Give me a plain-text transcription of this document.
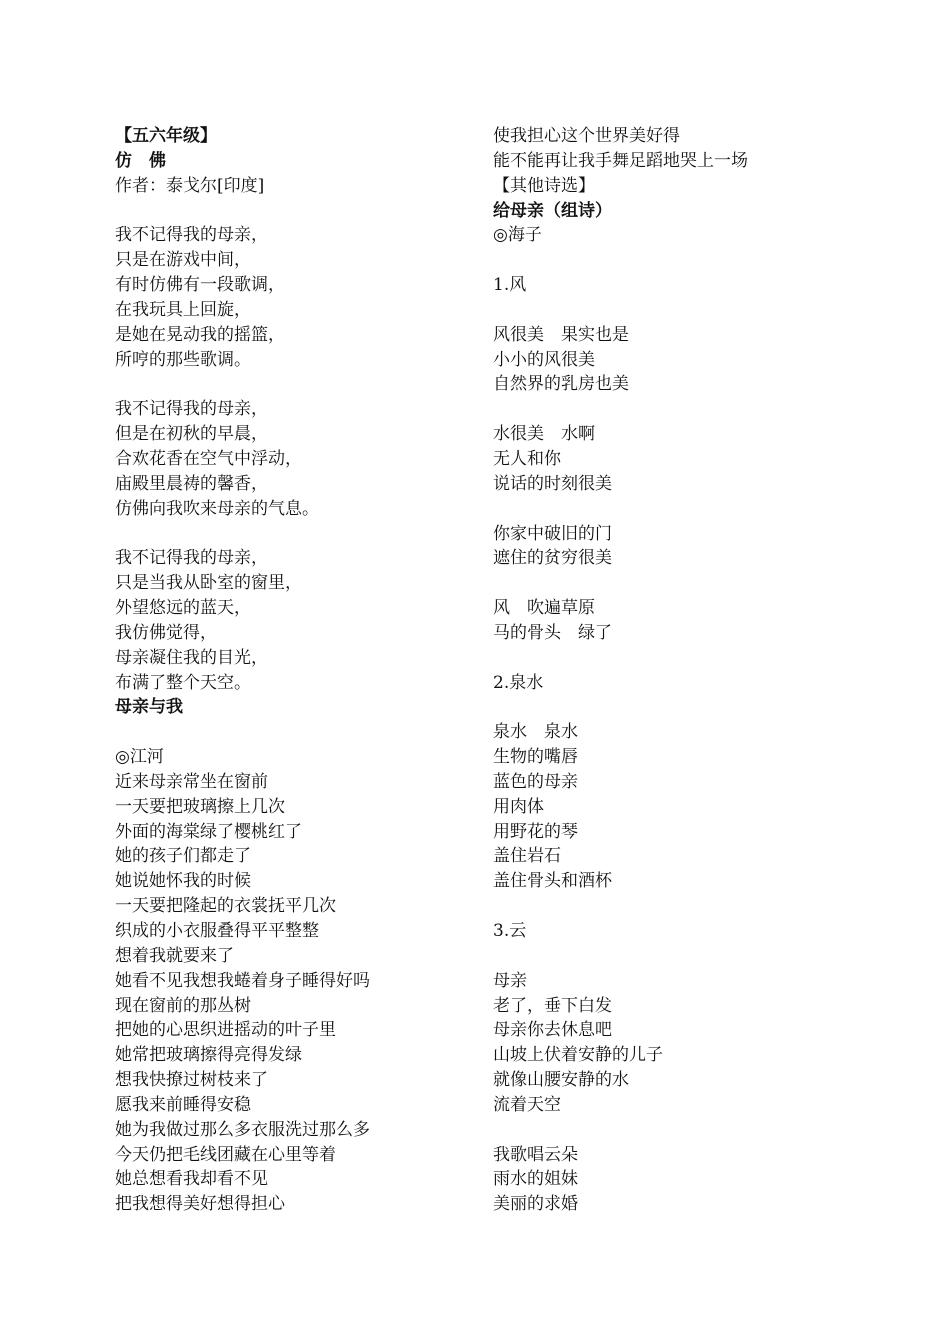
【五六年级】
仿　佛
作者：泰戈尔[印度]
我不记得我的母亲，
只是在游戏中间，
有时仿佛有一段歌调，
在我玩具上回旋，
是她在晃动我的摇篮，
所哼的那些歌调。
我不记得我的母亲，
但是在初秋的早晨，
合欢花香在空气中浮动，
庙殿里晨祷的馨香，
仿佛向我吹来母亲的气息。
我不记得我的母亲，
只是当我从卧室的窗里，
外望悠远的蓝天，
我仿佛觉得，
母亲凝住我的目光，
布满了整个天空。
母亲与我
◎江河
近来母亲常坐在窗前
一天要把玻璃擦上几次
外面的海棠绿了樱桃红了
她的孩子们都走了
她说她怀我的时候
一天要把隆起的衣裳抚平几次
织成的小衣服叠得平平整整
想着我就要来了
她看不见我想我蜷着身子睡得好吗
现在窗前的那丛树
把她的心思织进摇动的叶子里
她常把玻璃擦得亮得发绿
想我快撩过树枝来了
愿我来前睡得安稳
她为我做过那么多衣服洗过那么多
今天仍把毛线团藏在心里等着
她总想看我却看不见
把我想得美好想得担心
使我担心这个世界美好得
能不能再让我手舞足蹈地哭上一场
【其他诗选】
给母亲（组诗）
◎海子
1.风
风很美　果实也是
小小的风很美
自然界的乳房也美
水很美　水啊
无人和你
说话的时刻很美
你家中破旧的门
遮住的贫穷很美
风　吹遍草原
马的骨头　绿了
2.泉水
泉水　泉水
生物的嘴唇
蓝色的母亲
用肉体
用野花的琴
盖住岩石
盖住骨头和酒杯
3.云
母亲
老了，垂下白发
母亲你去休息吧
山坡上伏着安静的儿子
就像山腰安静的水
流着天空
我歌唱云朵
雨水的姐妹
美丽的求婚
